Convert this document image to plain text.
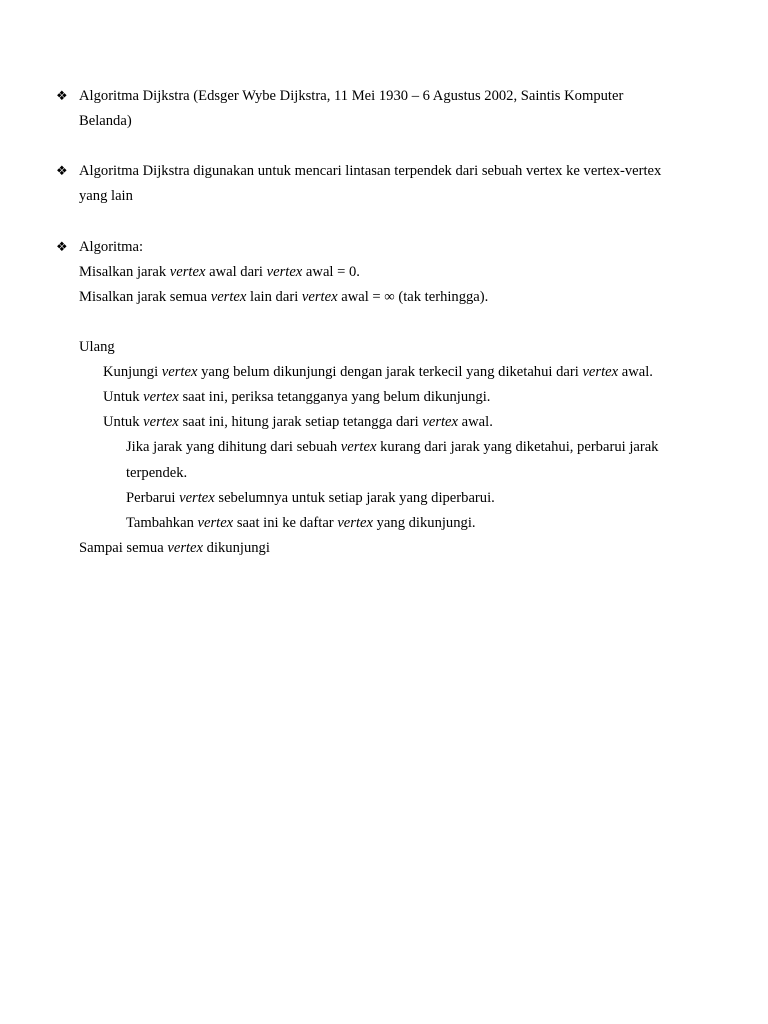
❖ Algoritma Dijkstra (Edsger Wybe Dijkstra, 11 Mei 1930 – 6 Agustus 2002, Saintis Komputer
Belanda)
❖ Algoritma Dijkstra digunakan untuk mencari lintasan terpendek dari sebuah vertex ke vertex-vertex
yang lain
❖ Algoritma:
Misalkan jarak vertex awal dari vertex awal = 0.
Misalkan jarak semua vertex lain dari vertex awal = ∞ (tak terhingga).
Ulang
Kunjungi vertex yang belum dikunjungi dengan jarak terkecil yang diketahui dari vertex awal.
Untuk vertex saat ini, periksa tetangganya yang belum dikunjungi.
Untuk vertex saat ini, hitung jarak setiap tetangga dari vertex awal.
Jika jarak yang dihitung dari sebuah vertex kurang dari jarak yang diketahui, perbarui jarak
terpendek.
Perbarui vertex sebelumnya untuk setiap jarak yang diperbarui.
Tambahkan vertex saat ini ke daftar vertex yang dikunjungi.
Sampai semua vertex dikunjungi
